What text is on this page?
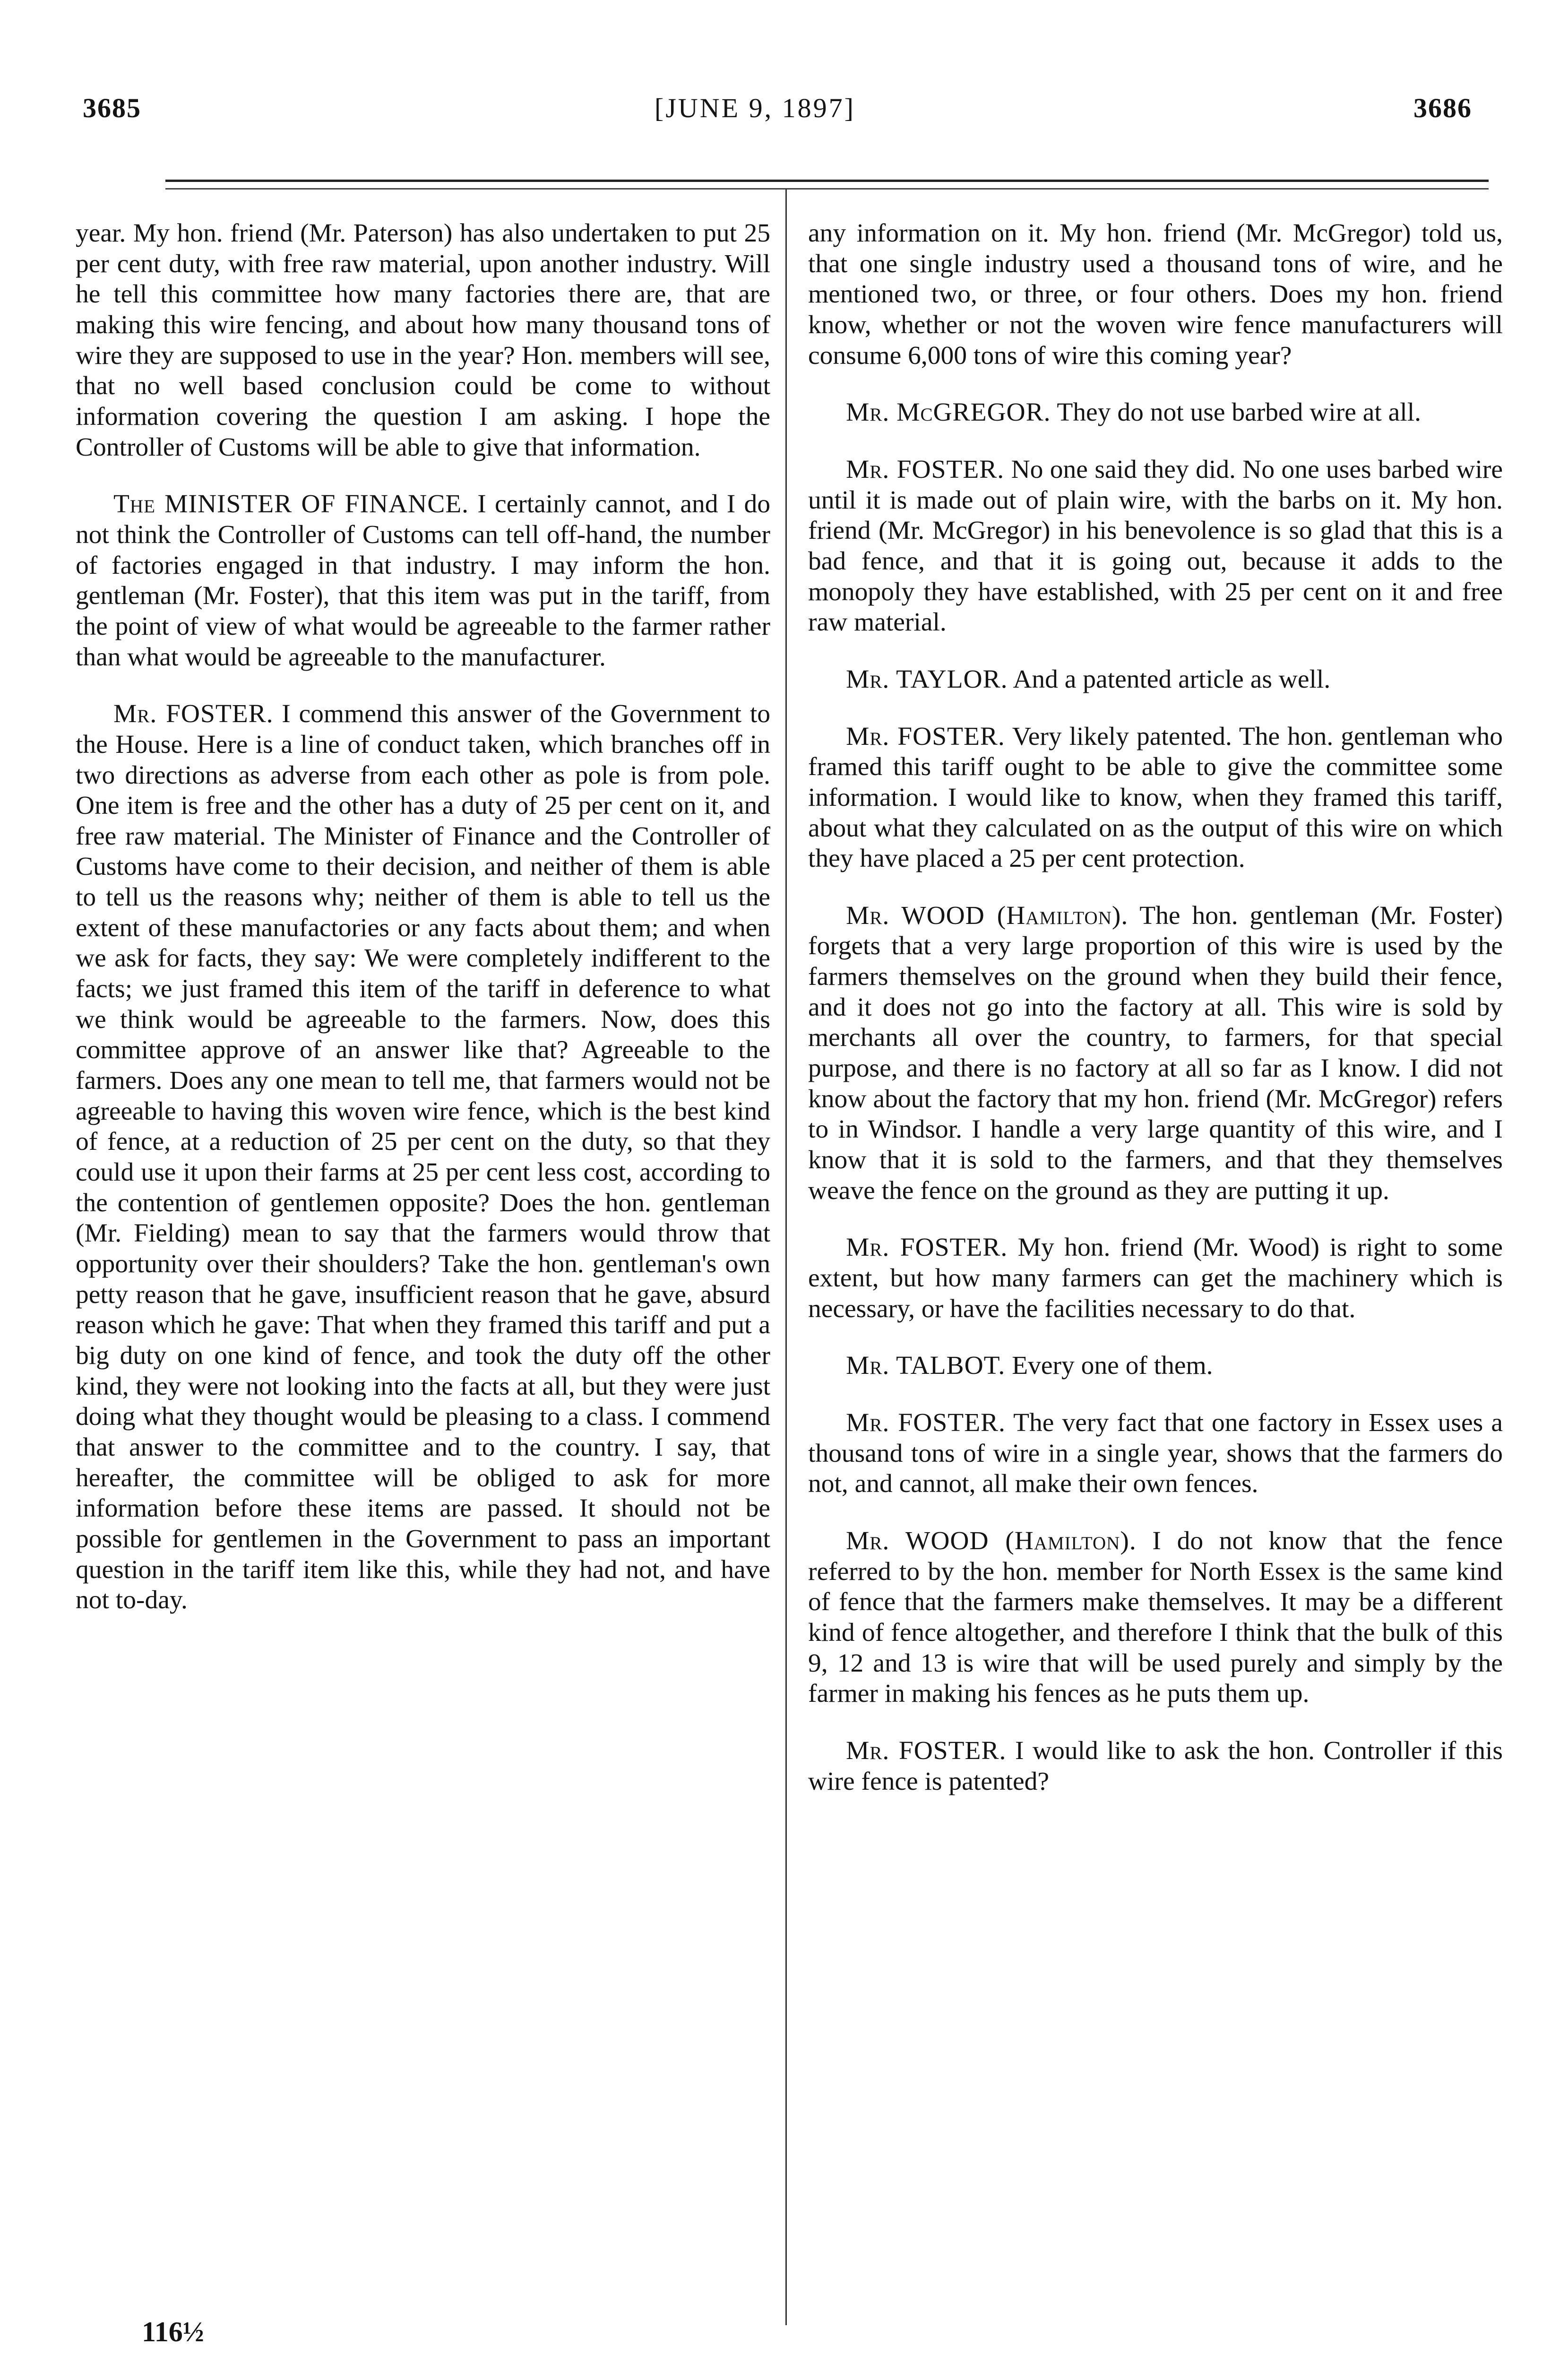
3685	[JUNE 9, 1897]	3686

year. My hon. friend (Mr. Paterson) has also undertaken to put 25 per cent duty, with free raw material, upon another industry. Will he tell this committee how many factories there are, that are making this wire fencing, and about how many thousand tons of wire they are supposed to use in the year? Hon. members will see, that no well based conclusion could be come to without information covering the question I am asking. I hope the Controller of Customs will be able to give that information.

The MINISTER OF FINANCE. I certainly cannot, and I do not think the Controller of Customs can tell off-hand, the number of factories engaged in that industry. I may inform the hon. gentleman (Mr. Foster), that this item was put in the tariff, from the point of view of what would be agreeable to the farmer rather than what would be agreeable to the manufacturer.

Mr. FOSTER. I commend this answer of the Government to the House. Here is a line of conduct taken, which branches off in two directions as adverse from each other as pole is from pole. One item is free and the other has a duty of 25 per cent on it, and free raw material. The Minister of Finance and the Controller of Customs have come to their decision, and neither of them is able to tell us the reasons why; neither of them is able to tell us the extent of these manufactories or any facts about them; and when we ask for facts, they say: We were completely indifferent to the facts; we just framed this item of the tariff in deference to what we think would be agreeable to the farmers. Now, does this committee approve of an answer like that? Agreeable to the farmers. Does any one mean to tell me, that farmers would not be agreeable to having this woven wire fence, which is the best kind of fence, at a reduction of 25 per cent on the duty, so that they could use it upon their farms at 25 per cent less cost, according to the contention of gentlemen opposite? Does the hon. gentleman (Mr. Fielding) mean to say that the farmers would throw that opportunity over their shoulders? Take the hon. gentleman's own petty reason that he gave, insufficient reason that he gave, absurd reason which he gave: That when they framed this tariff and put a big duty on one kind of fence, and took the duty off the other kind, they were not looking into the facts at all, but they were just doing what they thought would be pleasing to a class. I commend that answer to the committee and to the country. I say, that hereafter, the committee will be obliged to ask for more information before these items are passed. It should not be possible for gentlemen in the Government to pass an important question in the tariff item like this, while they had not, and have not to-day.

any information on it. My hon. friend (Mr. McGregor) told us, that one single industry used a thousand tons of wire, and he mentioned two, or three, or four others. Does my hon. friend know, whether or not the woven wire fence manufacturers will consume 6,000 tons of wire this coming year?

Mr. McGREGOR. They do not use barbed wire at all.

Mr. FOSTER. No one said they did. No one uses barbed wire until it is made out of plain wire, with the barbs on it. My hon. friend (Mr. McGregor) in his benevolence is so glad that this is a bad fence, and that it is going out, because it adds to the monopoly they have established, with 25 per cent on it and free raw material.

Mr. TAYLOR. And a patented article as well.

Mr. FOSTER. Very likely patented. The hon. gentleman who framed this tariff ought to be able to give the committee some information. I would like to know, when they framed this tariff, about what they calculated on as the output of this wire on which they have placed a 25 per cent protection.

Mr. WOOD (Hamilton). The hon. gentleman (Mr. Foster) forgets that a very large proportion of this wire is used by the farmers themselves on the ground when they build their fence, and it does not go into the factory at all. This wire is sold by merchants all over the country, to farmers, for that special purpose, and there is no factory at all so far as I know. I did not know about the factory that my hon. friend (Mr. McGregor) refers to in Windsor. I handle a very large quantity of this wire, and I know that it is sold to the farmers, and that they themselves weave the fence on the ground as they are putting it up.

Mr. FOSTER. My hon. friend (Mr. Wood) is right to some extent, but how many farmers can get the machinery which is necessary, or have the facilities necessary to do that.

Mr. TALBOT. Every one of them.

Mr. FOSTER. The very fact that one factory in Essex uses a thousand tons of wire in a single year, shows that the farmers do not, and cannot, all make their own fences.

Mr. WOOD (Hamilton). I do not know that the fence referred to by the hon. member for North Essex is the same kind of fence that the farmers make themselves. It may be a different kind of fence altogether, and therefore I think that the bulk of this 9, 12 and 13 is wire that will be used purely and simply by the farmer in making his fences as he puts them up.

Mr. FOSTER. I would like to ask the hon. Controller if this wire fence is patented?

116½
